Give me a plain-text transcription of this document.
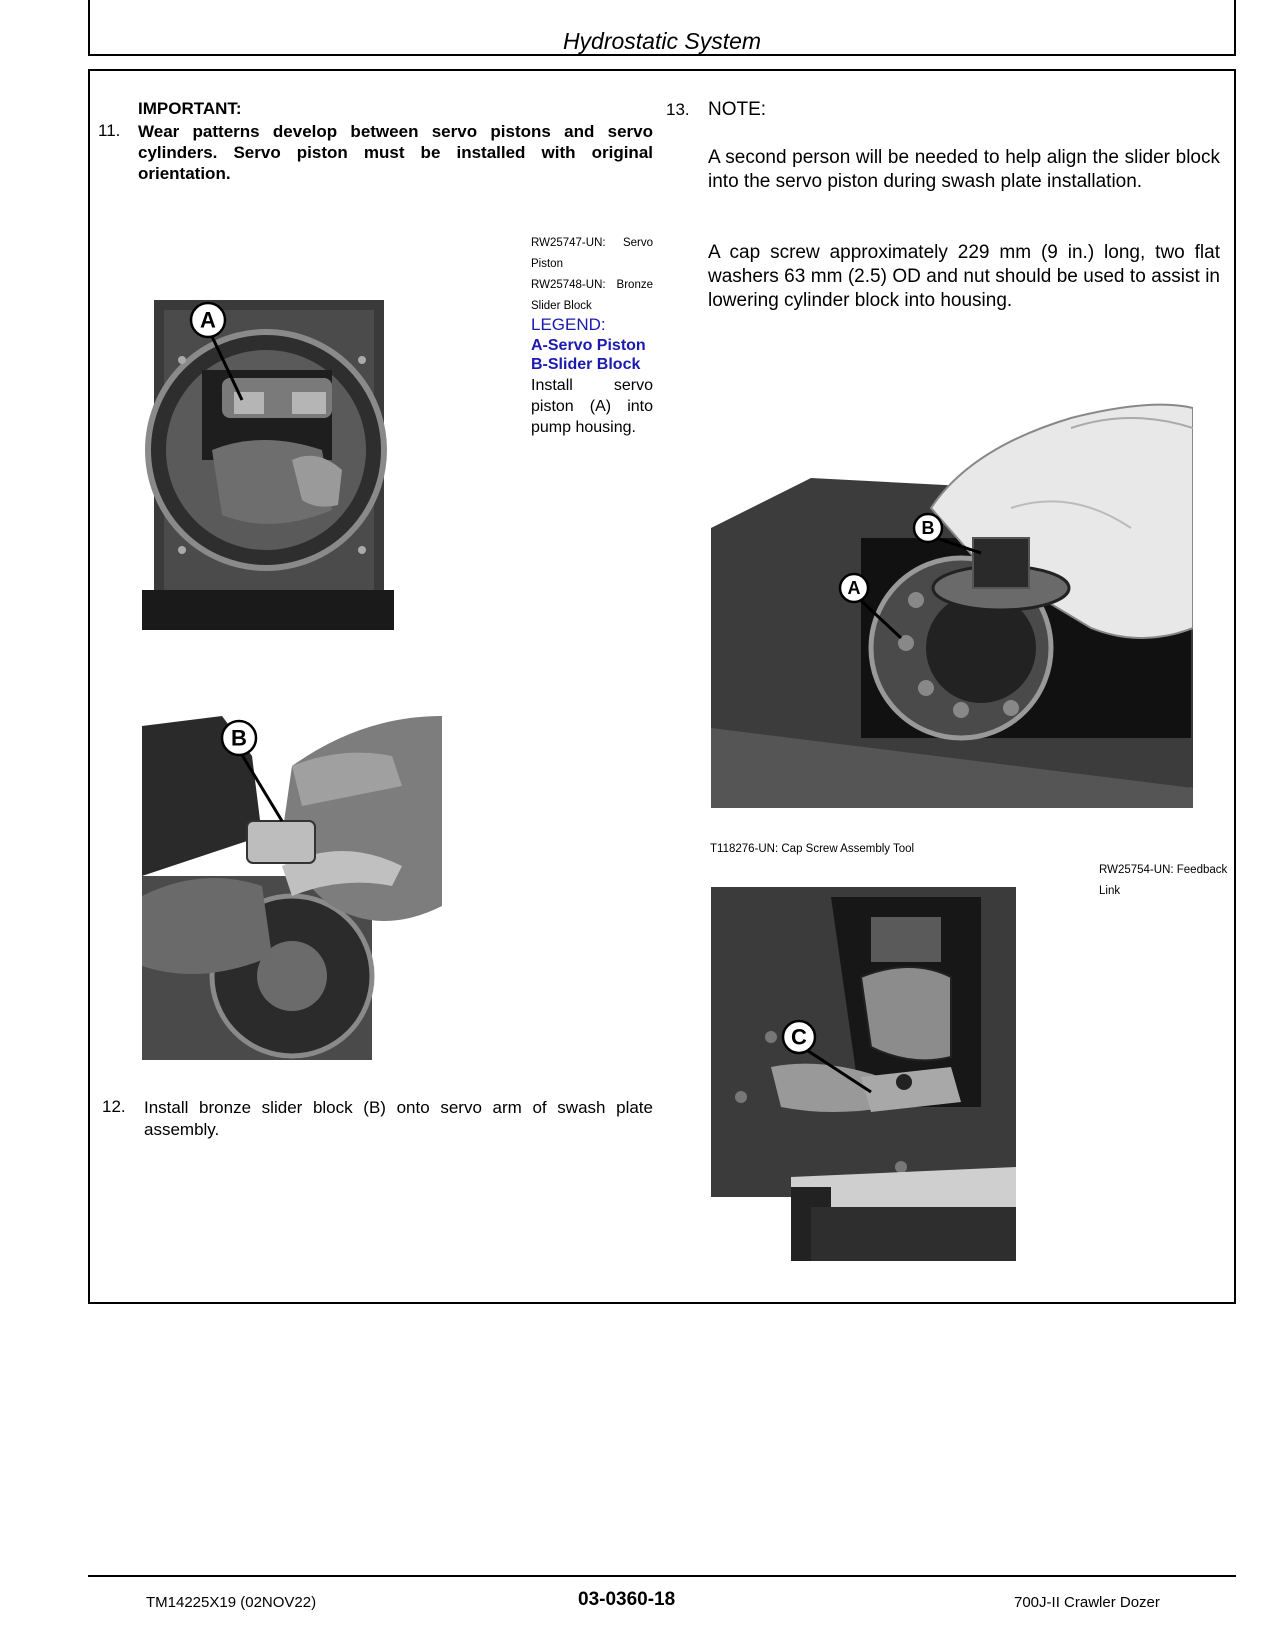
Hydrostatic System
IMPORTANT:
11. Wear patterns develop between servo pistons and servo cylinders. Servo piston must be installed with original orientation.
RW25747-UN: Servo Piston
RW25748-UN: Bronze Slider Block
LEGEND:
A-Servo Piston
B-Slider Block
Install servo piston (A) into pump housing.
A
B
12. Install bronze slider block (B) onto servo arm of swash plate assembly.
13. NOTE:
A second person will be needed to help align the slider block into the servo piston during swash plate installation.
A cap screw approximately 229 mm (9 in.) long, two flat washers 63 mm (2.5) OD and nut should be used to assist in lowering cylinder block into housing.
B
A
T118276-UN: Cap Screw Assembly Tool
RW25754-UN: Feedback Link
C
TM14225X19 (02NOV22)	03-0360-18	700J-II Crawler Dozer
